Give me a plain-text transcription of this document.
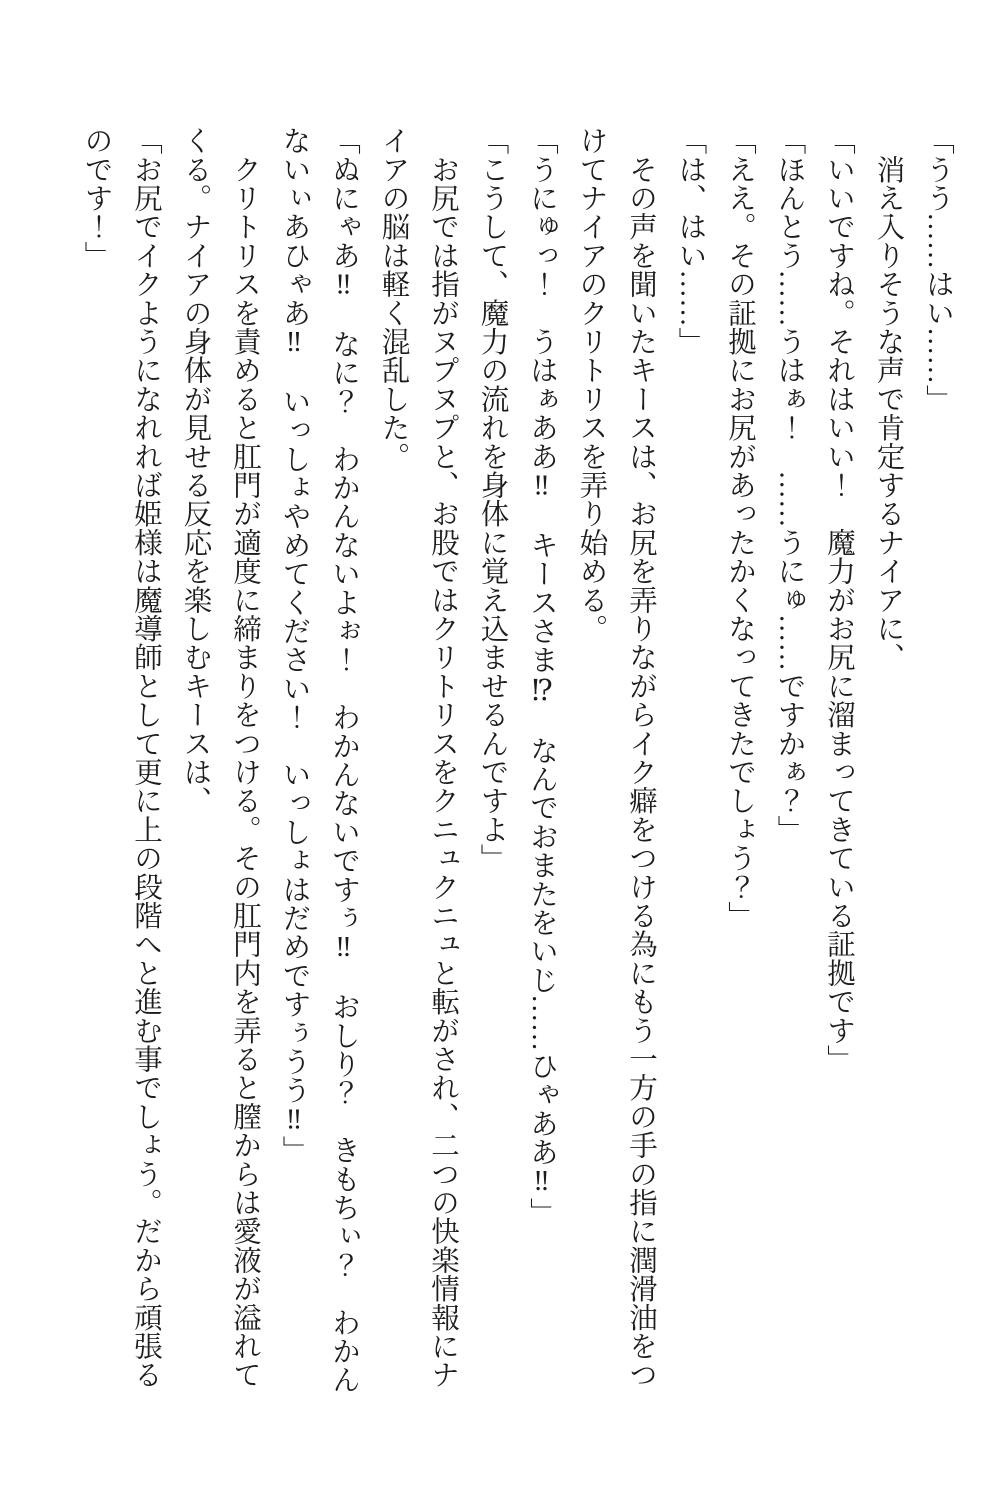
「うう……はい……」

　消え入りそうな声で肯定するナイアに、

「いいですね。それはいい！　魔力がお尻に溜まってきている証拠です」

「ほんとう……うはぁ！　……うにゅ……ですかぁ？」

「ええ。その証拠にお尻があったかくなってきたでしょう？」

「は、はい……」

　その声を聞いたキースは、お尻を弄りながらイク癖をつける為にもう一方の手の指に潤滑油をつ

けてナイアのクリトリスを弄り始める。

「うにゅっ！　うはぁああ‼　キースさま⁉　なんでおまたをいじ……ひゃああ‼」

「こうして、魔力の流れを身体に覚え込ませるんですよ」

　お尻では指がヌプヌプと、お股ではクリトリスをクニュクニュと転がされ、二つの快楽情報にナ

イアの脳は軽く混乱した。

「ぬにゃあ‼　なに？　わかんないよぉ！　わかんないですぅ‼　おしり？　きもちぃ？　わかん

ないぃあひゃあ‼　いっしょやめてください！　いっしょはだめですぅうう‼」

　クリトリスを責めると肛門が適度に締まりをつける。その肛門内を弄ると膣からは愛液が溢れて

くる。ナイアの身体が見せる反応を楽しむキースは、

「お尻でイクようになれれば姫様は魔導師として更に上の段階へと進む事でしょう。だから頑張る

のです！」
